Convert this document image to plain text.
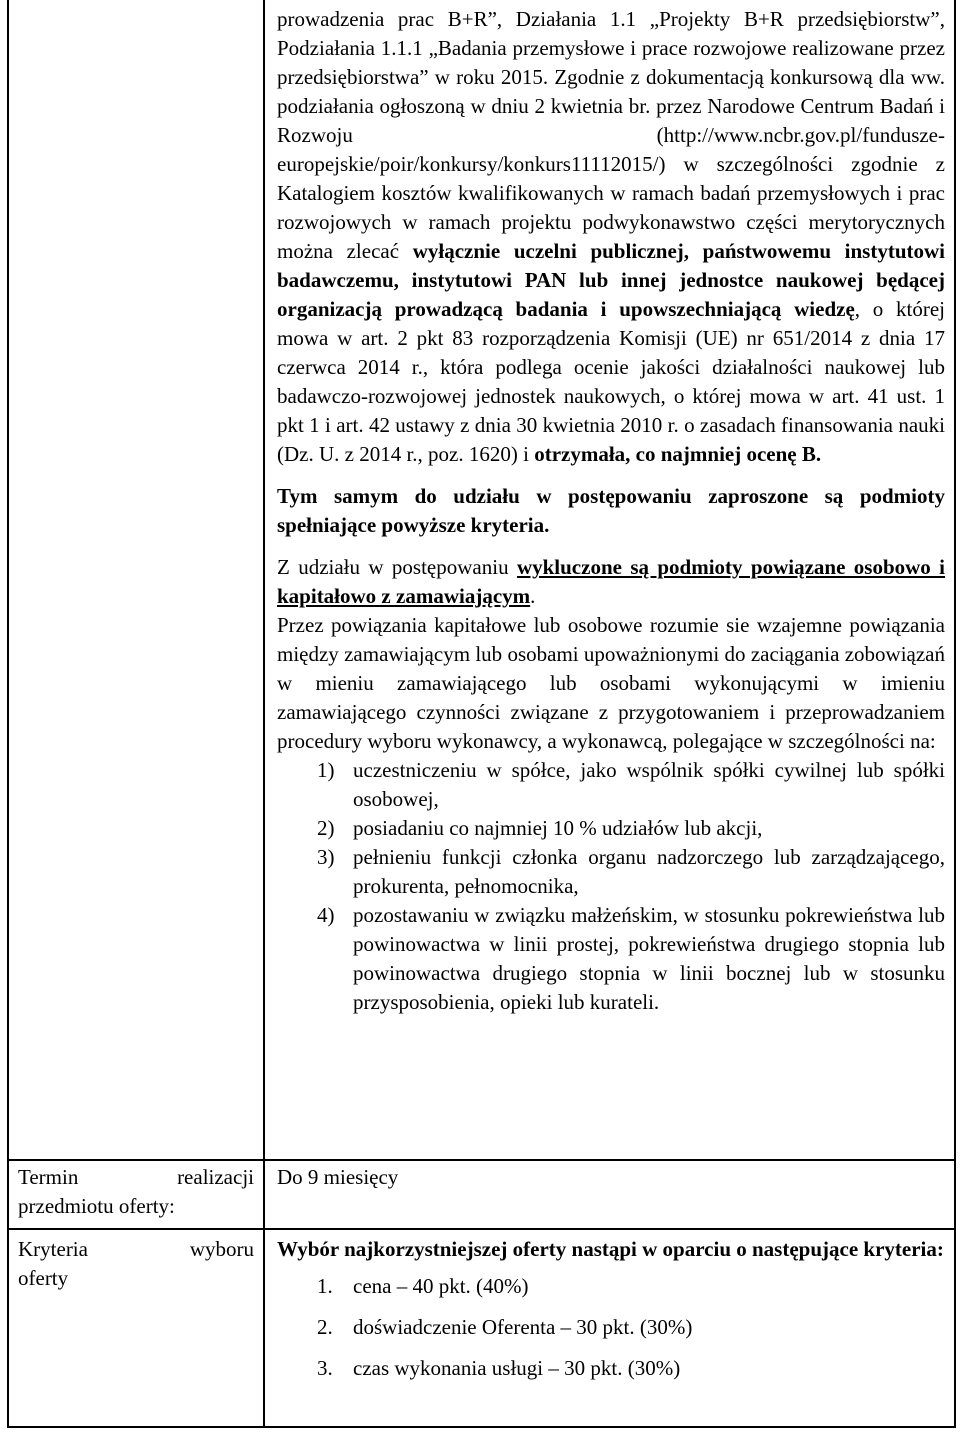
prowadzenia prac B+R”, Działania 1.1 „Projekty B+R przedsiębiorstw”, Podziałania 1.1.1 „Badania przemysłowe i prace rozwojowe realizowane przez przedsiębiorstwa” w roku 2015. Zgodnie z dokumentacją konkursową dla ww. podziałania ogłoszoną w dniu 2 kwietnia br. przez Narodowe Centrum Badań i Rozwoju (http://www.ncbr.gov.pl/fundusze-europejskie/poir/konkursy/konkurs11112015/) w szczególności zgodnie z Katalogiem kosztów kwalifikowanych w ramach badań przemysłowych i prac rozwojowych w ramach projektu podwykonawstwo części merytorycznych można zlecać wyłącznie uczelni publicznej, państwowemu instytutowi badawczemu, instytutowi PAN lub innej jednostce naukowej będącej organizacją prowadzącą badania i upowszechniającą wiedzę, o której mowa w art. 2 pkt 83 rozporządzenia Komisji (UE) nr 651/2014 z dnia 17 czerwca 2014 r., która podlega ocenie jakości działalności naukowej lub badawczo-rozwojowej jednostek naukowych, o której mowa w art. 41 ust. 1 pkt 1 i art. 42 ustawy z dnia 30 kwietnia 2010 r. o zasadach finansowania nauki (Dz. U. z 2014 r., poz. 1620) i otrzymała, co najmniej ocenę B.

Tym samym do udziału w postępowaniu zaproszone są podmioty spełniające powyższe kryteria.

Z udziału w postępowaniu wykluczone są podmioty powiązane osobowo i kapitałowo z zamawiającym.

Przez powiązania kapitałowe lub osobowe rozumie sie wzajemne powiązania między zamawiającym lub osobami upoważnionymi do zaciągania zobowiązań w mieniu zamawiającego lub osobami wykonującymi w imieniu zamawiającego czynności związane z przygotowaniem i przeprowadzaniem procedury wyboru wykonawcy, a wykonawcą, polegające w szczególności na:

1) uczestniczeniu w spółce, jako wspólnik spółki cywilnej lub spółki osobowej,
2) posiadaniu co najmniej 10 % udziałów lub akcji,
3) pełnieniu funkcji członka organu nadzorczego lub zarządzającego, prokurenta, pełnomocnika,
4) pozostawaniu w związku małżeńskim, w stosunku pokrewieństwa lub powinowactwa w linii prostej, pokrewieństwa drugiego stopnia lub powinowactwa drugiego stopnia w linii bocznej lub w stosunku przysposobienia, opieki lub kurateli.
Termin	realizacji
przedmiotu oferty:
Do 9 miesięcy
Kryteria	wyboru
oferty

Wybór najkorzystniejszej oferty nastąpi w oparciu o następujące kryteria:

1. cena – 40 pkt. (40%)
2. doświadczenie Oferenta – 30 pkt. (30%)
3. czas wykonania usługi – 30 pkt. (30%)
